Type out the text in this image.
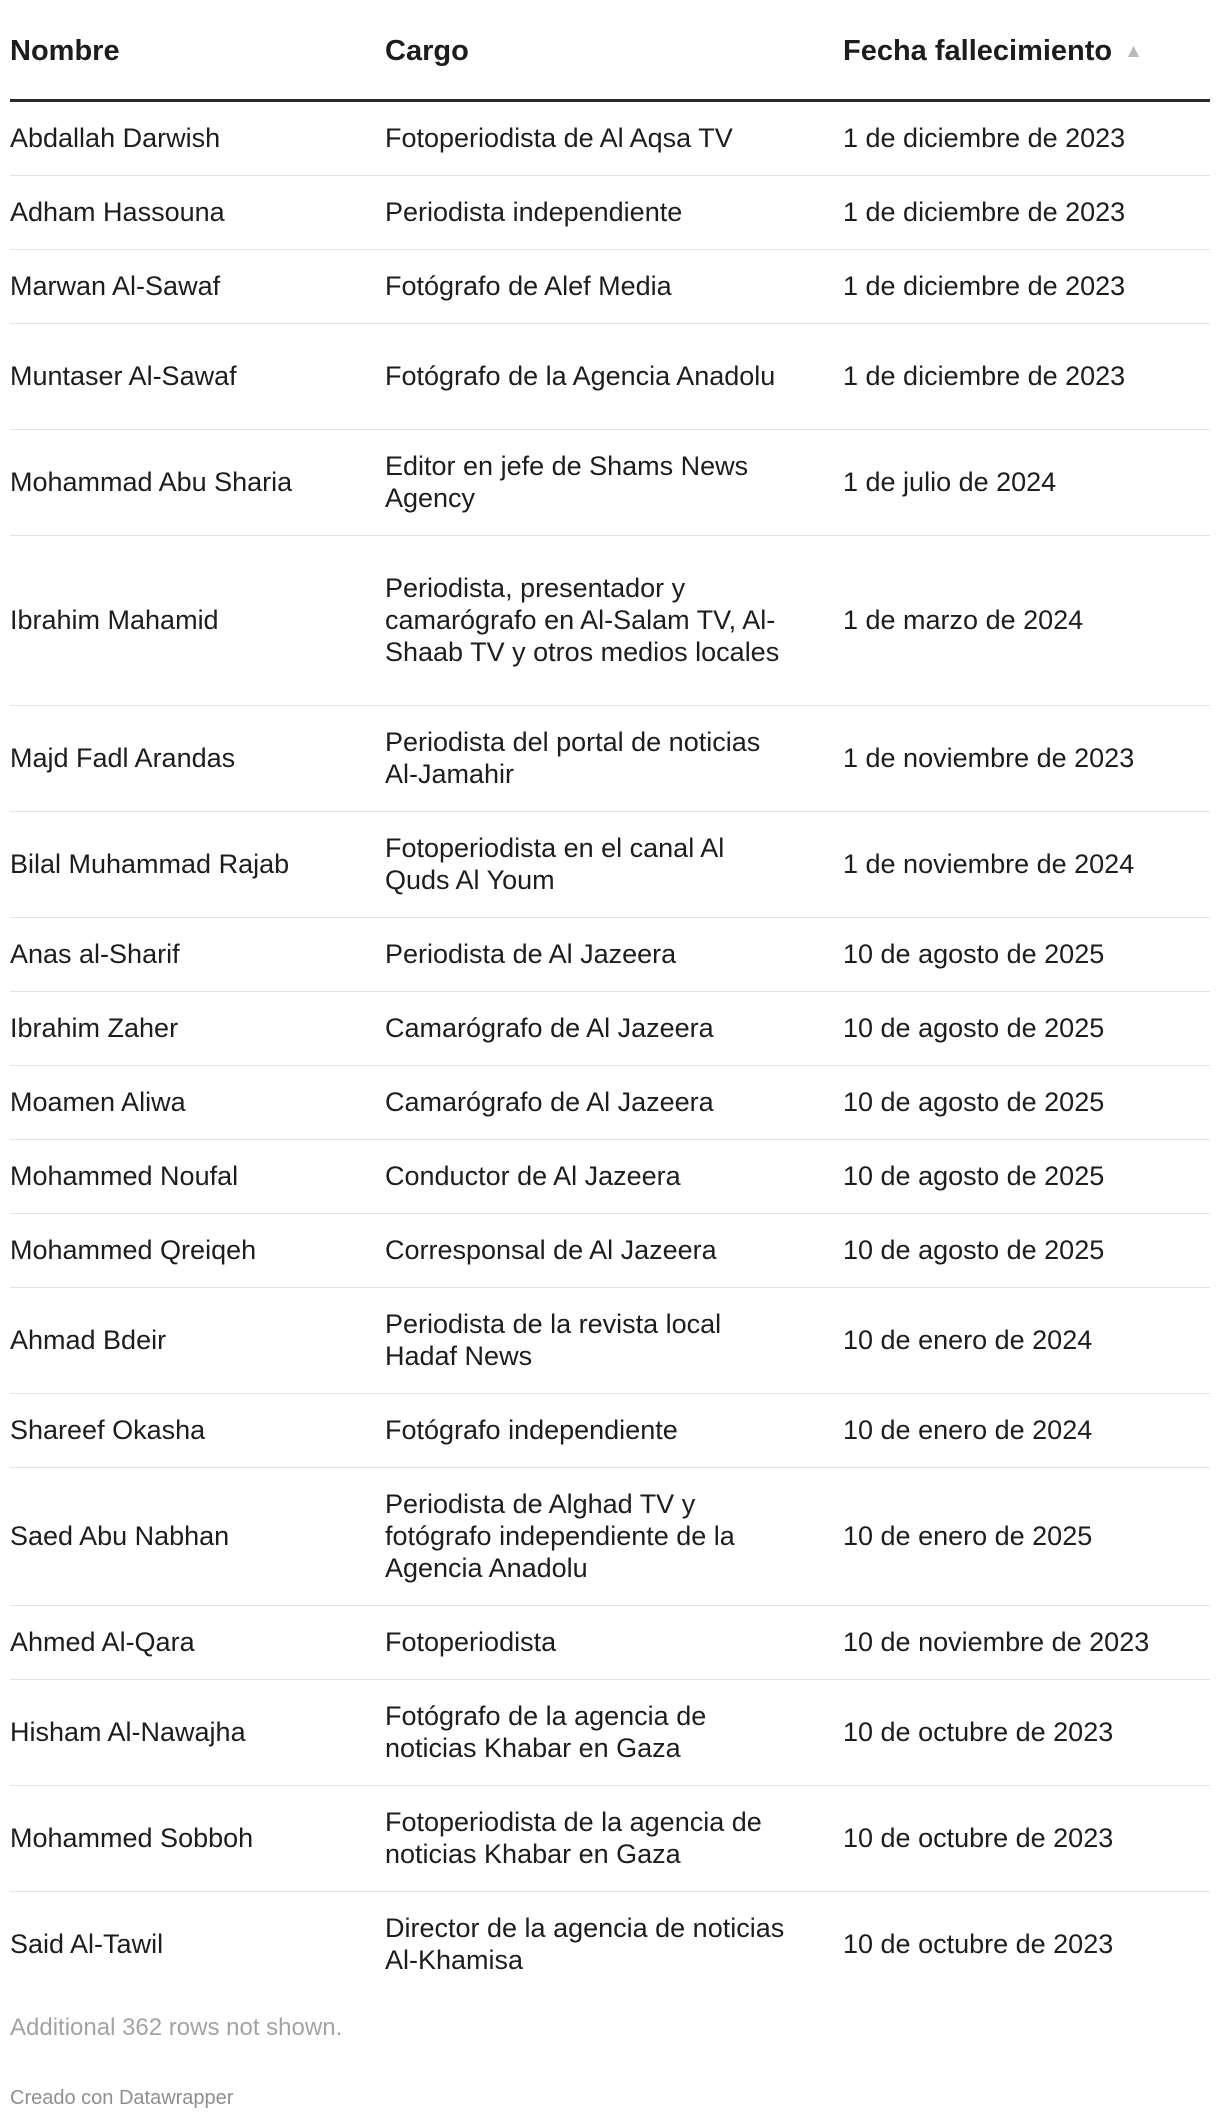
Nombre	Cargo	Fecha fallecimiento ▲
Abdallah Darwish	Fotoperiodista de Al Aqsa TV	1 de diciembre de 2023
Adham Hassouna	Periodista independiente	1 de diciembre de 2023
Marwan Al-Sawaf	Fotógrafo de Alef Media	1 de diciembre de 2023
Muntaser Al-Sawaf	Fotógrafo de la Agencia Anadolu	1 de diciembre de 2023
Mohammad Abu Sharia	Editor en jefe de Shams News Agency	1 de julio de 2024
Ibrahim Mahamid	Periodista, presentador y camarógrafo en Al-Salam TV, Al-Shaab TV y otros medios locales	1 de marzo de 2024
Majd Fadl Arandas	Periodista del portal de noticias Al-Jamahir	1 de noviembre de 2023
Bilal Muhammad Rajab	Fotoperiodista en el canal Al Quds Al Youm	1 de noviembre de 2024
Anas al-Sharif	Periodista de Al Jazeera	10 de agosto de 2025
Ibrahim Zaher	Camarógrafo de Al Jazeera	10 de agosto de 2025
Moamen Aliwa	Camarógrafo de Al Jazeera	10 de agosto de 2025
Mohammed Noufal	Conductor de Al Jazeera	10 de agosto de 2025
Mohammed Qreiqeh	Corresponsal de Al Jazeera	10 de agosto de 2025
Ahmad Bdeir	Periodista de la revista local Hadaf News	10 de enero de 2024
Shareef Okasha	Fotógrafo independiente	10 de enero de 2024
Saed Abu Nabhan	Periodista de Alghad TV y fotógrafo independiente de la Agencia Anadolu	10 de enero de 2025
Ahmed Al-Qara	Fotoperiodista	10 de noviembre de 2023
Hisham Al-Nawajha	Fotógrafo de la agencia de noticias Khabar en Gaza	10 de octubre de 2023
Mohammed Sobboh	Fotoperiodista de la agencia de noticias Khabar en Gaza	10 de octubre de 2023
Said Al-Tawil	Director de la agencia de noticias Al-Khamisa	10 de octubre de 2023
Additional 362 rows not shown.
Creado con Datawrapper
